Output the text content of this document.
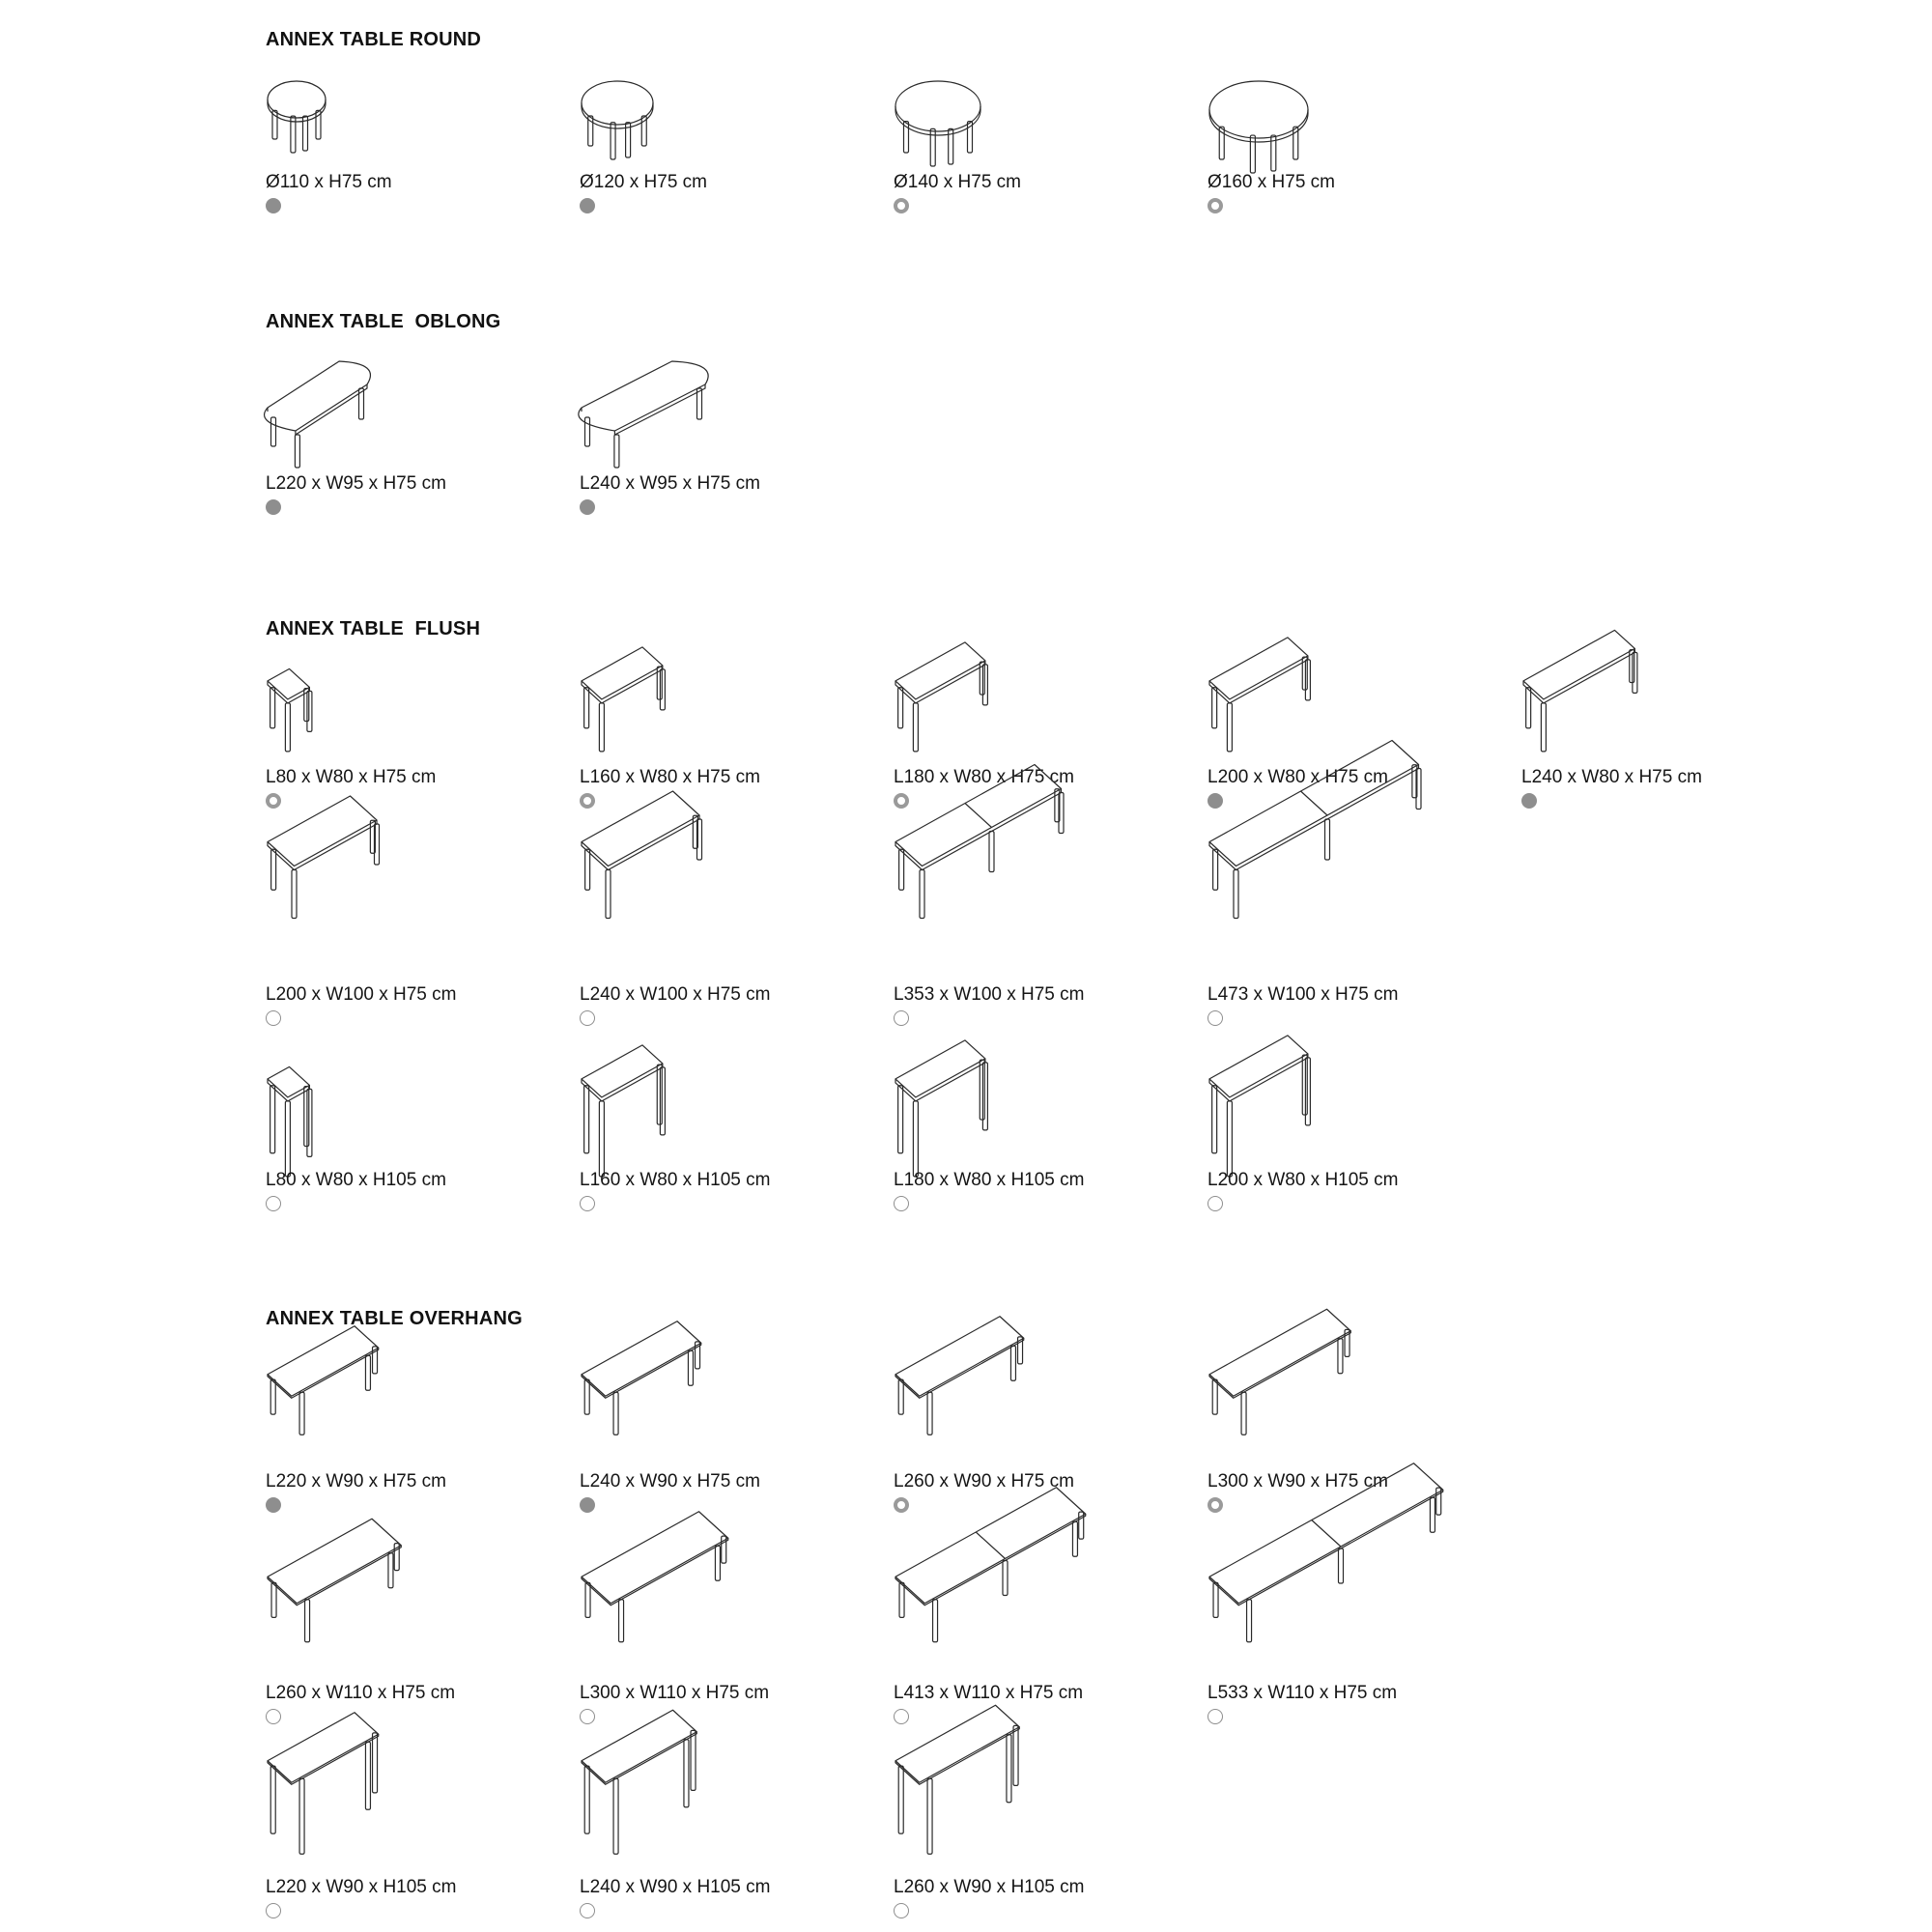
ANNEX TABLE ROUND
Ø110 x H75 cm	Ø120 x H75 cm	Ø140 x H75 cm	Ø160 x H75 cm
ANNEX TABLE  OBLONG
L220 x W95 x H75 cm	L240 x W95 x H75 cm
ANNEX TABLE  FLUSH
L80 x W80 x H75 cm	L160 x W80 x H75 cm	L180 x W80 x H75 cm	L200 x W80 x H75 cm	L240 x W80 x H75 cm
L200 x W100 x H75 cm	L240 x W100 x H75 cm	L353 x W100 x H75 cm	L473 x W100 x H75 cm
L80 x W80 x H105 cm	L160 x W80 x H105 cm	L180 x W80 x H105 cm	L200 x W80 x H105 cm
ANNEX TABLE OVERHANG
L220 x W90 x H75 cm	L240 x W90 x H75 cm	L260 x W90 x H75 cm	L300 x W90 x H75 cm
L260 x W110 x H75 cm	L300 x W110 x H75 cm	L413 x W110 x H75 cm	L533 x W110 x H75 cm
L220 x W90 x H105 cm	L240 x W90 x H105 cm	L260 x W90 x H105 cm
